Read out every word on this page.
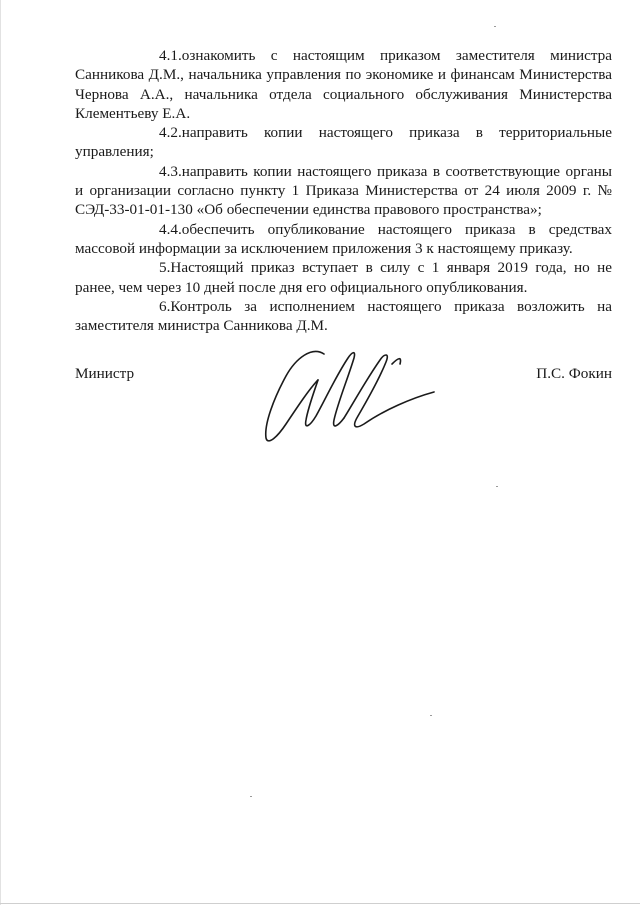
4.1.ознакомить с настоящим приказом заместителя министра Санникова Д.М., начальника управления по экономике и финансам Министерства Чернова А.А., начальника отдела социального обслуживания Министерства Клементьеву Е.А.

4.2.направить копии настоящего приказа в территориальные управления;

4.3.направить копии настоящего приказа в соответствующие органы и организации согласно пункту 1 Приказа Министерства от 24 июля 2009 г. № СЭД-33-01-01-130 «Об обеспечении единства правового пространства»;

4.4.обеспечить опубликование настоящего приказа в средствах массовой информации за исключением приложения 3 к настоящему приказу.

5.Настоящий приказ вступает в силу с 1 января 2019 года, но не ранее, чем через 10 дней после дня его официального опубликования.

6.Контроль за исполнением настоящего приказа возложить на заместителя министра Санникова Д.М.

Министр	П.С. Фокин
